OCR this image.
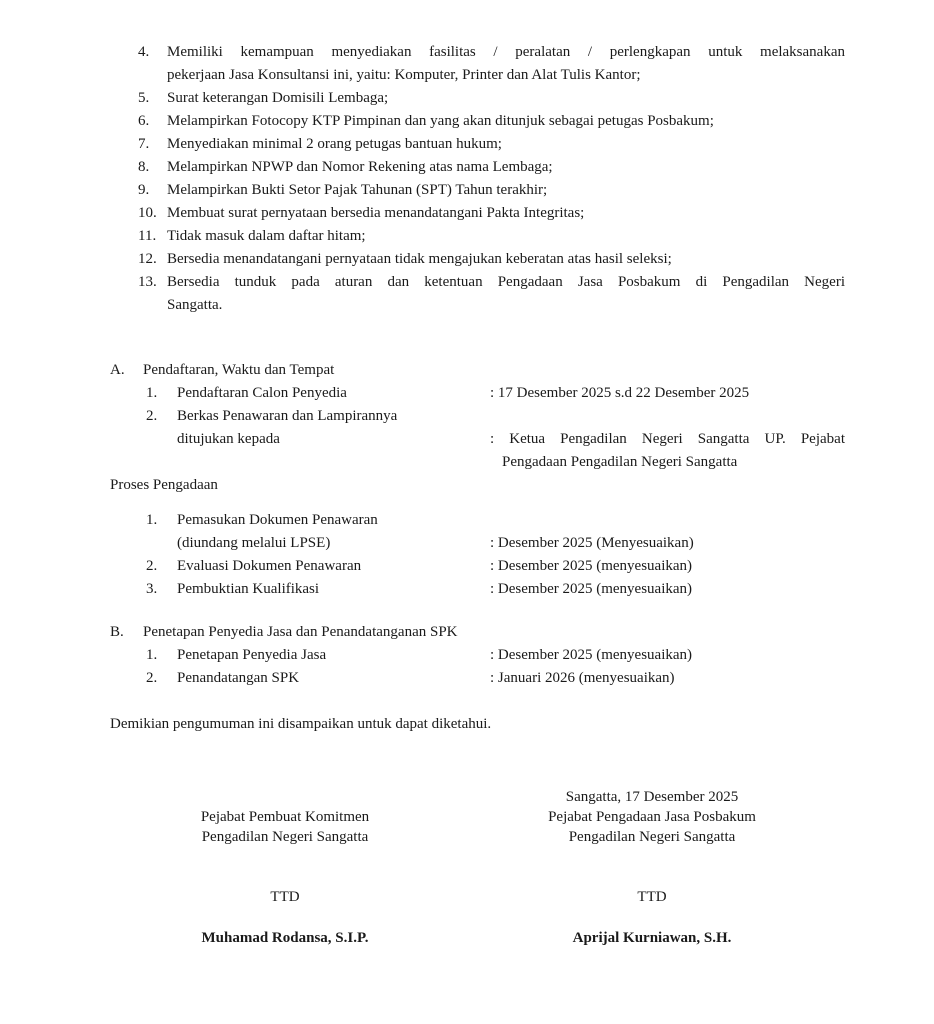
4. Memiliki kemampuan menyediakan fasilitas / peralatan / perlengkapan untuk melaksanakan
pekerjaan Jasa Konsultansi ini, yaitu: Komputer, Printer dan Alat Tulis Kantor;
5. Surat keterangan Domisili Lembaga;
6. Melampirkan Fotocopy KTP Pimpinan dan yang akan ditunjuk sebagai petugas Posbakum;
7. Menyediakan minimal 2 orang petugas bantuan hukum;
8. Melampirkan NPWP dan Nomor Rekening atas nama Lembaga;
9. Melampirkan Bukti Setor Pajak Tahunan (SPT) Tahun terakhir;
10. Membuat surat pernyataan bersedia menandatangani Pakta Integritas;
11. Tidak masuk dalam daftar hitam;
12. Bersedia menandatangani pernyataan tidak mengajukan keberatan atas hasil seleksi;
13. Bersedia tunduk pada aturan dan ketentuan Pengadaan Jasa Posbakum di Pengadilan Negeri
Sangatta.
A. Pendaftaran, Waktu dan Tempat
1. Pendaftaran Calon Penyedia	: 17 Desember 2025 s.d 22 Desember 2025
2. Berkas Penawaran dan Lampirannya
ditujukan kepada	: Ketua Pengadilan Negeri Sangatta UP. Pejabat
Pengadaan Pengadilan Negeri Sangatta
Proses Pengadaan
1. Pemasukan Dokumen Penawaran
(diundang melalui LPSE)	: Desember 2025 (Menyesuaikan)
2. Evaluasi Dokumen Penawaran	: Desember 2025 (menyesuaikan)
3. Pembuktian Kualifikasi	: Desember 2025 (menyesuaikan)
B. Penetapan Penyedia Jasa dan Penandatanganan SPK
1. Penetapan Penyedia Jasa	: Desember 2025 (menyesuaikan)
2. Penandatangan SPK	: Januari 2026 (menyesuaikan)
Demikian pengumuman ini disampaikan untuk dapat diketahui.
Pejabat Pembuat Komitmen
Pengadilan Negeri Sangatta
TTD
Muhamad Rodansa, S.I.P.
Sangatta, 17 Desember 2025
Pejabat Pengadaan Jasa Posbakum
Pengadilan Negeri Sangatta
TTD
Aprijal Kurniawan, S.H.
